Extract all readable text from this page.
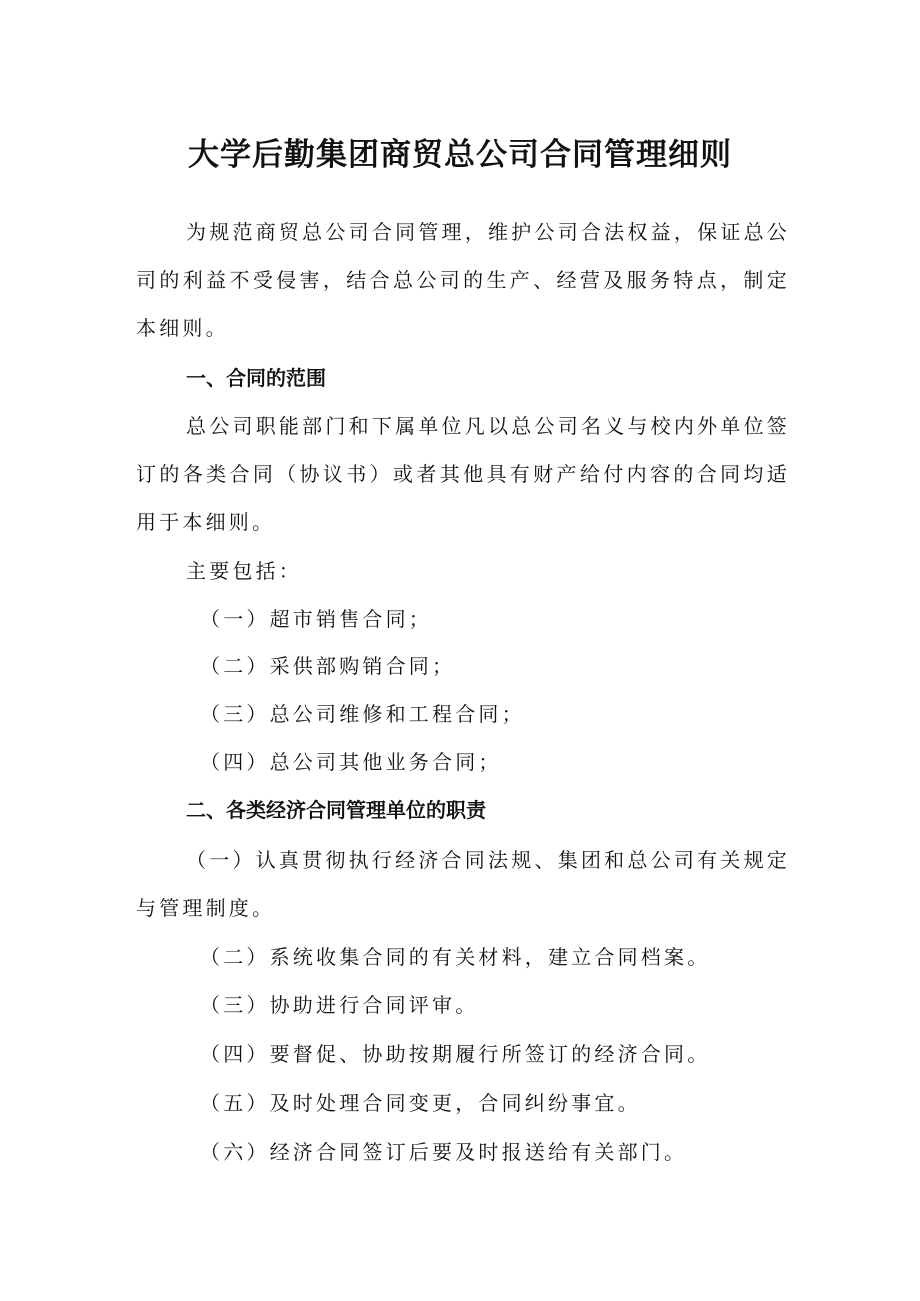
大学后勤集团商贸总公司合同管理细则

为规范商贸总公司合同管理，维护公司合法权益，保证总公司的利益不受侵害，结合总公司的生产、经营及服务特点，制定本细则。

一、合同的范围

总公司职能部门和下属单位凡以总公司名义与校内外单位签订的各类合同（协议书）或者其他具有财产给付内容的合同均适用于本细则。

主要包括：

（一）超市销售合同；

（二）采供部购销合同；

（三）总公司维修和工程合同；

（四）总公司其他业务合同；

二、各类经济合同管理单位的职责

（一）认真贯彻执行经济合同法规、集团和总公司有关规定与管理制度。

（二）系统收集合同的有关材料，建立合同档案。

（三）协助进行合同评审。

（四）要督促、协助按期履行所签订的经济合同。

（五）及时处理合同变更，合同纠纷事宜。

（六）经济合同签订后要及时报送给有关部门。
